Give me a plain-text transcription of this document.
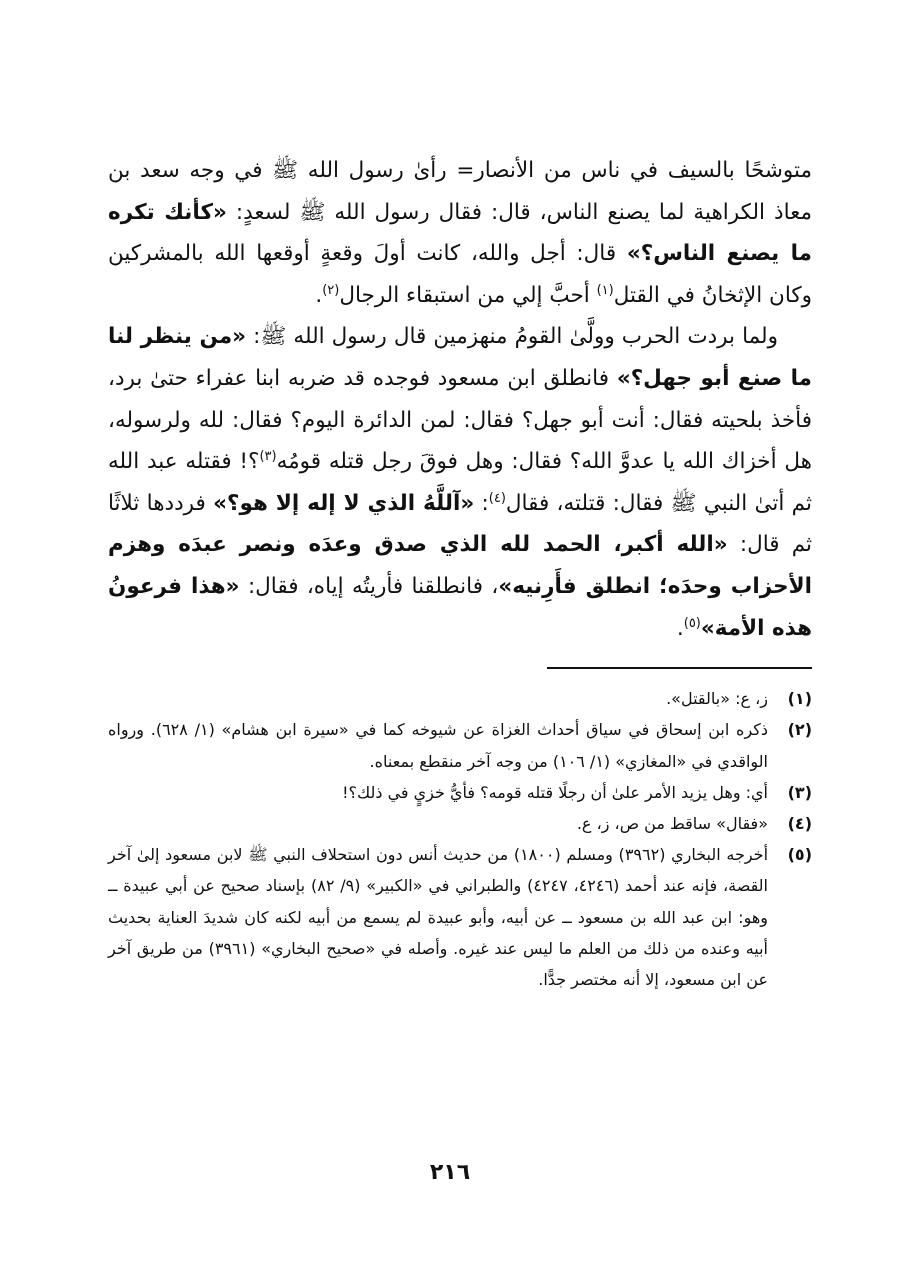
متوشحًا بالسيف في ناس من الأنصار= رأىٰ رسول الله ﷺ في وجه سعد بن معاذ الكراهية لما يصنع الناس، قال: فقال رسول الله ﷺ لسعدٍ: «كأنك تكره ما يصنع الناس؟» قال: أجل والله، كانت أولَ وقعةٍ أوقعها الله بالمشركين وكان الإثخانُ في القتل$^{(١)}$ أحبَّ إلي من استبقاء الرجال$^{(٢)}$.

ولما بردت الحرب وولَّىٰ القومُ منهزمين قال رسول الله ﷺ: «من ينظر لنا ما صنع أبو جهل؟» فانطلق ابن مسعود فوجده قد ضربه ابنا عفراء حتىٰ برد، فأخذ بلحيته فقال: أنت أبو جهل؟ فقال: لمن الدائرة اليوم؟ فقال: لله ولرسوله، هل أخزاك الله يا عدوَّ الله؟ فقال: وهل فوقَ رجل قتله قومُه$^{(٣)}$؟! فقتله عبد الله ثم أتىٰ النبي ﷺ فقال: قتلته، فقال$^{(٤)}$: «آللَّهُ الذي لا إله إلا هو؟» فرددها ثلاثًا ثم قال: «الله أكبر، الحمد لله الذي صدق وعدَه ونصر عبدَه وهزم الأحزاب وحدَه؛ انطلق فأَرِنيه»، فانطلقنا فأريتُه إياه، فقال: «هذا فرعونُ هذه الأمة»$^{(٥)}$.

(١)
ز، ع: «بالقتل».
(٢)
ذكره ابن إسحاق في سياق أحداث الغزاة عن شيوخه كما في «سيرة ابن هشام» (١/ ٦٢٨). ورواه الواقدي في «المغازي» (١/ ١٠٦) من وجه آخر منقطع بمعناه.
(٣)
أي: وهل يزيد الأمر علىٰ أن رجلًا قتله قومه؟ فأيُّ خزيٍ في ذلك؟!
(٤)
«فقال» ساقط من ص، ز، ع.
(٥)
أخرجه البخاري (٣٩٦٢) ومسلم (١٨٠٠) من حديث أنس دون استحلاف النبي ﷺ لابن مسعود إلىٰ آخر القصة، فإنه عند أحمد (٤٢٤٦، ٤٢٤٧) والطبراني في «الكبير» (٩/ ٨٢) بإسناد صحيح عن أبي عبيدة ــ وهو: ابن عبد الله بن مسعود ــ عن أبيه، وأبو عبيدة لم يسمع من أبيه لكنه كان شديدَ العناية بحديث أبيه وعنده من ذلك من العلم ما ليس عند غيره. وأصله في «صحيح البخاري» (٣٩٦١) من طريق آخر عن ابن مسعود، إلا أنه مختصر جدًّا.
٢١٦
